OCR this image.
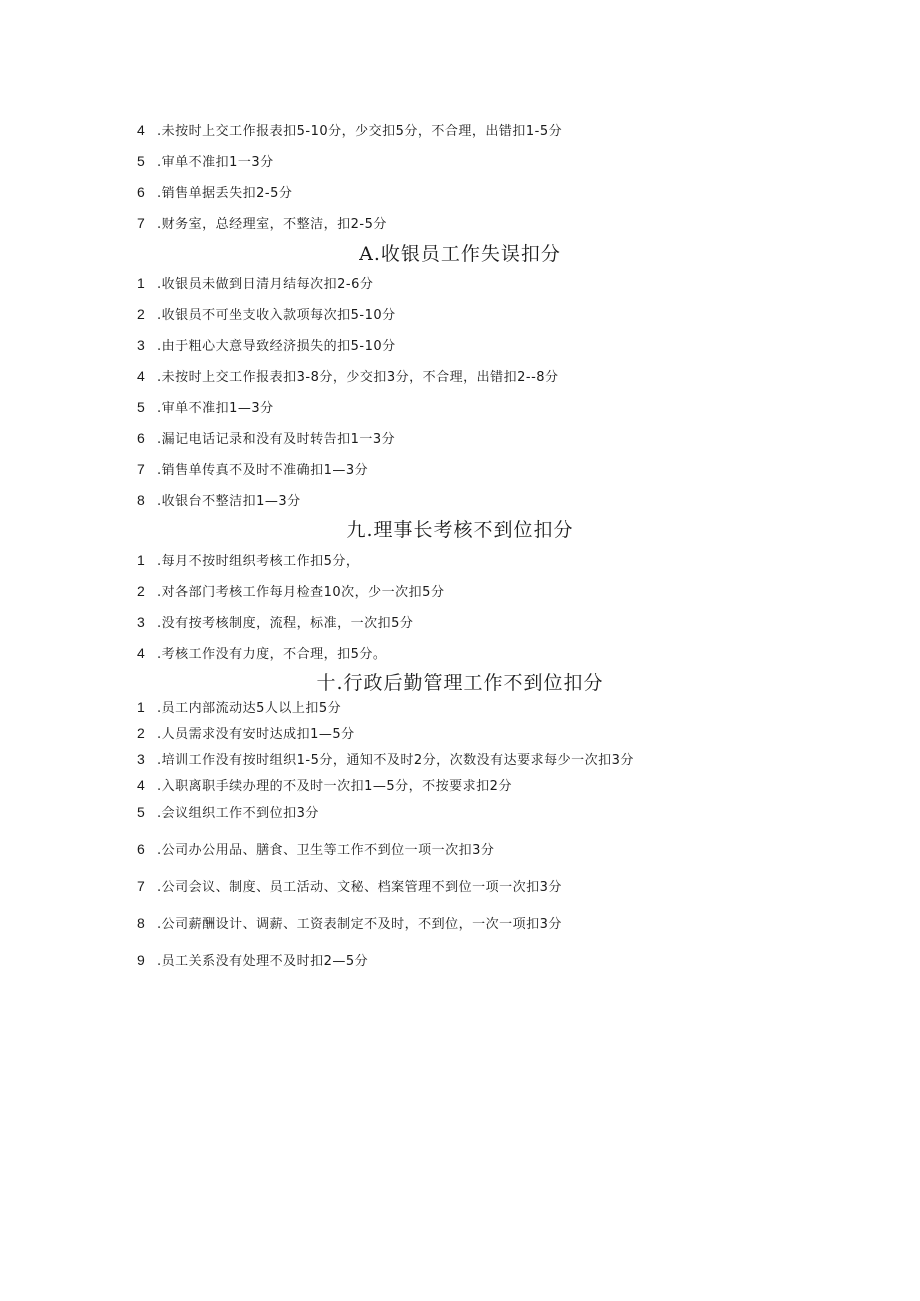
4 .未按时上交工作报表扣5-10分，少交扣5分，不合理，出错扣1-5分
5 .审单不准扣1一3分
6 .销售单据丢失扣2-5分
7 .财务室，总经理室，不整洁，扣2-5分
A.收银员工作失误扣分
1 .收银员未做到日清月结每次扣2-6分
2 .收银员不可坐支收入款项每次扣5-10分
3 .由于粗心大意导致经济损失的扣5-10分
4 .未按时上交工作报表扣3-8分，少交扣3分，不合理，出错扣2--8分
5 .审单不准扣1—3分
6 .漏记电话记录和没有及时转告扣1一3分
7 .销售单传真不及时不准确扣1—3分
8 .收银台不整洁扣1—3分
九.理事长考核不到位扣分
1 .每月不按时组织考核工作扣5分，
2 .对各部门考核工作每月检查10次，少一次扣5分
3 .没有按考核制度，流程，标准，一次扣5分
4 .考核工作没有力度，不合理，扣5分。
十.行政后勤管理工作不到位扣分
1 .员工内部流动达5人以上扣5分
2 .人员需求没有安时达成扣1—5分
3 .培训工作没有按时组织1-5分，通知不及时2分，次数没有达要求每少一次扣3分
4 .入职离职手续办理的不及时一次扣1—5分，不按要求扣2分
5 .会议组织工作不到位扣3分
6 .公司办公用品、膳食、卫生等工作不到位一项一次扣3分
7 .公司会议、制度、员工活动、文秘、档案管理不到位一项一次扣3分
8 .公司薪酬设计、调薪、工资表制定不及时，不到位，一次一项扣3分
9 .员工关系没有处理不及时扣2—5分
